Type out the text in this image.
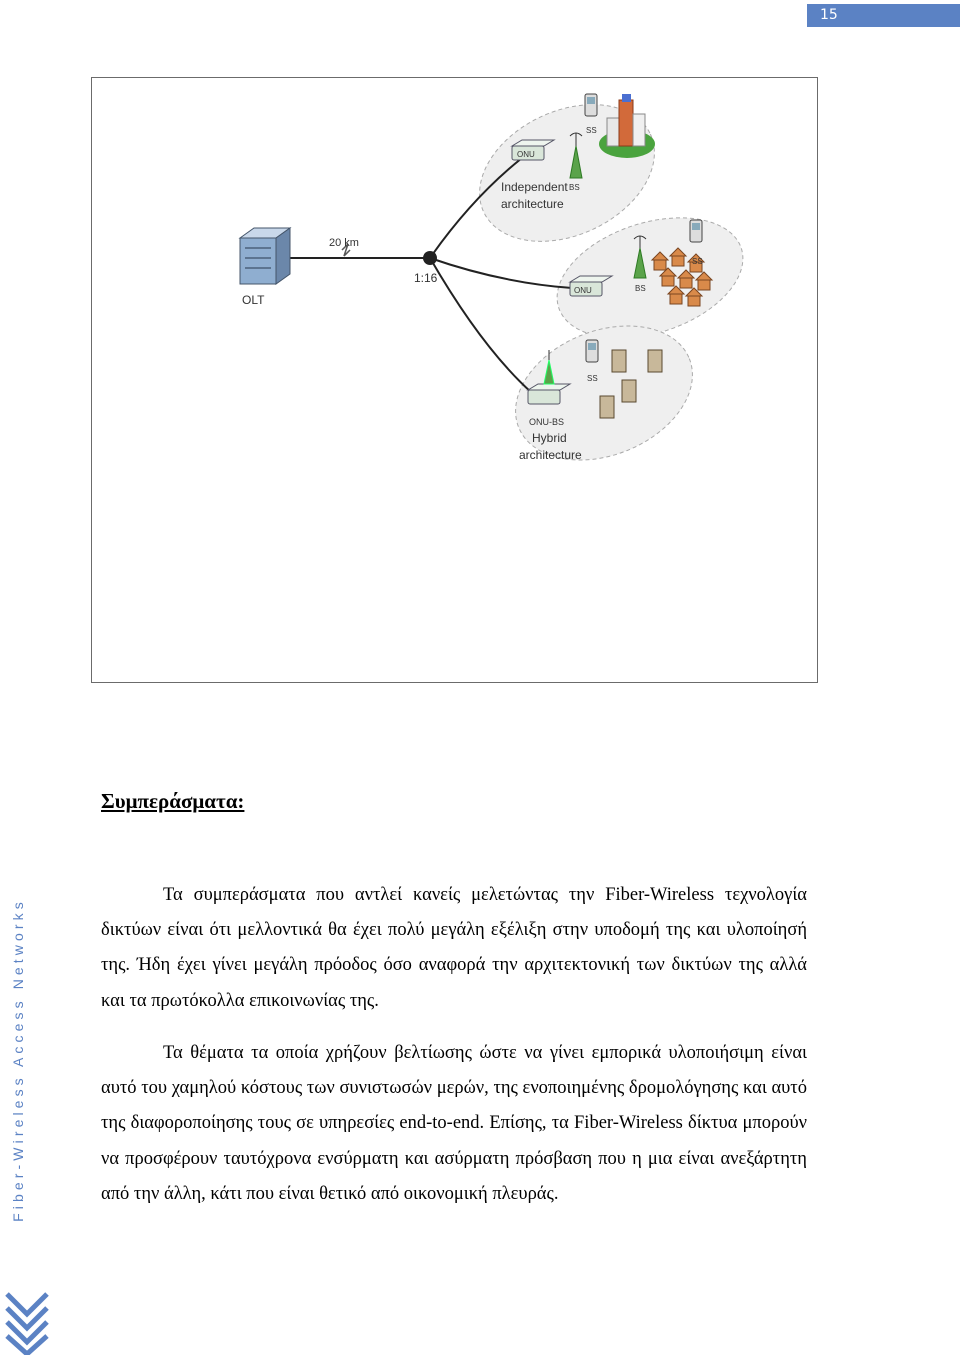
15
Fiber-Wireless Access Networks
OLT
20 km
1:16
ONU
ONU
BS
BS
SS
SS
SS
ONU-BS
Independent
architecture
Hybrid
architecture
Συμπεράσματα:

Τα συμπεράσματα που αντλεί κανείς μελετώντας την Fiber-Wireless τεχνολογία δικτύων είναι ότι μελλοντικά θα έχει πολύ μεγάλη εξέλιξη στην υποδομή της και υλοποίησή της. Ήδη έχει γίνει μεγάλη πρόοδος όσο αναφορά την αρχιτεκτονική των δικτύων της αλλά και τα πρωτόκολλα επικοινωνίας της.

Τα θέματα τα οποία χρήζουν βελτίωσης ώστε να γίνει εμπορικά υλοποιήσιμη είναι αυτό του χαμηλού κόστους των συνιστωσών μερών, της ενοποιημένης δρομολόγησης και αυτό της διαφοροποίησης τους σε υπηρεσίες end-to-end. Επίσης, τα Fiber-Wireless δίκτυα μπορούν να προσφέρουν ταυτόχρονα ενσύρματη και ασύρματη πρόσβαση που η μια είναι ανεξάρτητη από την άλλη, κάτι που είναι θετικό από οικονομική πλευράς.
